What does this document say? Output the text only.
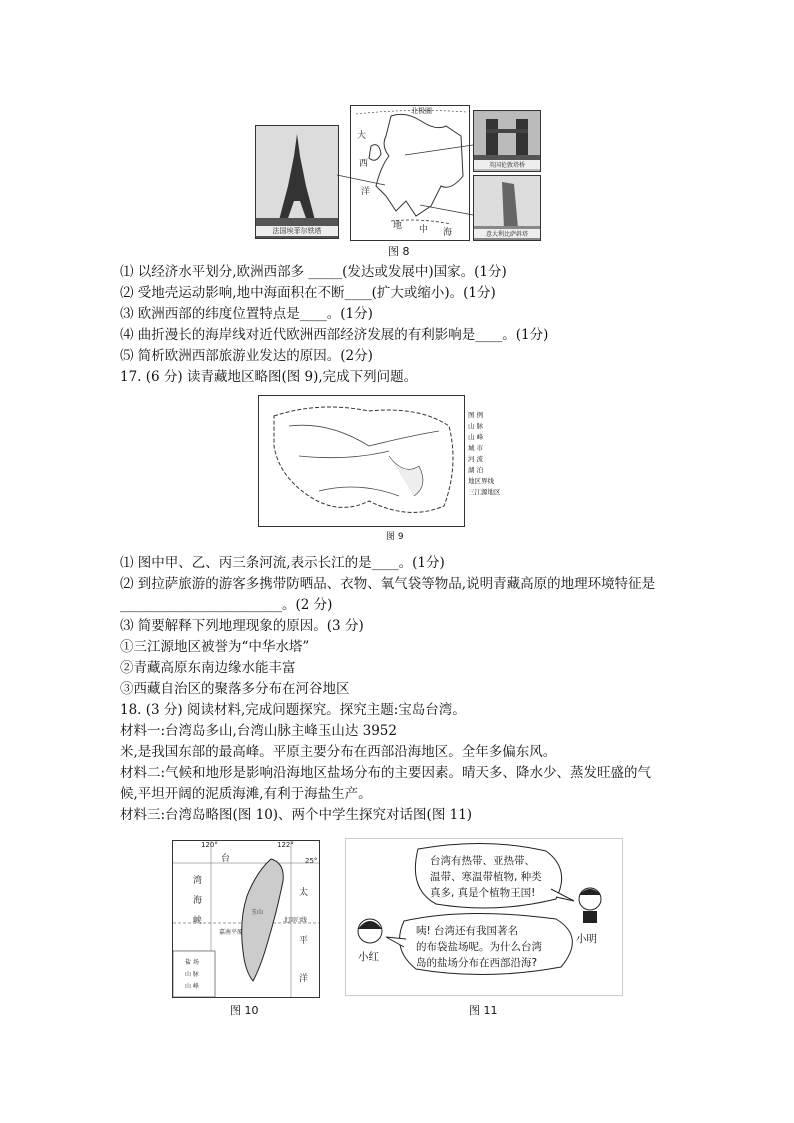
法国埃菲尔铁塔
北极圈
大
西
洋
地 中 海
英国伦敦塔桥
意大利比萨斜塔
图 8
⑴ 以经济水平划分,欧洲西部多 _____(发达或发展中)国家。(1分)
⑵ 受地壳运动影响,地中海面积在不断____(扩大或缩小)。(1分)
⑶ 欧洲西部的纬度位置特点是____。(1分)
⑷ 曲折漫长的海岸线对近代欧洲西部经济发展的有利影响是____。(1分)
⑸ 简析欧洲西部旅游业发达的原因。(2分)
17. (6 分) 读青藏地区略图(图 9),完成下列问题。
图 例
山 脉
山 峰
城 市
河 流
湖 泊
地区界线
三江源地区
图 9
⑴ 图中甲、乙、丙三条河流,表示长江的是____。(1分)
⑵ 到拉萨旅游的游客多携带防晒品、衣物、氧气袋等物品,说明青藏高原的地理环境特征是
________________________。(2 分)
⑶ 简要解释下列地理现象的原因。(3 分)
①三江源地区被誉为“中华水塔”
②青藏高原东南边缘水能丰富
③西藏自治区的聚落多分布在河谷地区
18. (3 分) 阅读材料,完成问题探究。探究主题:宝岛台湾。
材料一:台湾岛多山,台湾山脉主峰玉山达 3952
米,是我国东部的最高峰。平原主要分布在西部沿海地区。全年多偏东风。
材料二:气候和地形是影响沿海地区盐场分布的主要因素。晴天多、降水少、蒸发旺盛的气
候,平坦开阔的泥质海滩,有利于海盐生产。
材料三:台湾岛略图(图 10)、两个中学生探究对话图(图 11)
120°	122°
25°
台
湾
海
峡
太
平
洋
北回归线
玉山
嘉南平原
盐 场
山 脉
山 峰
图 10
台湾有热带、亚热带、
温带、寒温带植物, 种类
真多, 真是个植物王国!
咦! 台湾还有我国著名
的布袋盐场呢。为什么台湾
岛的盐场分布在西部沿海?
小红
小明
图 11
